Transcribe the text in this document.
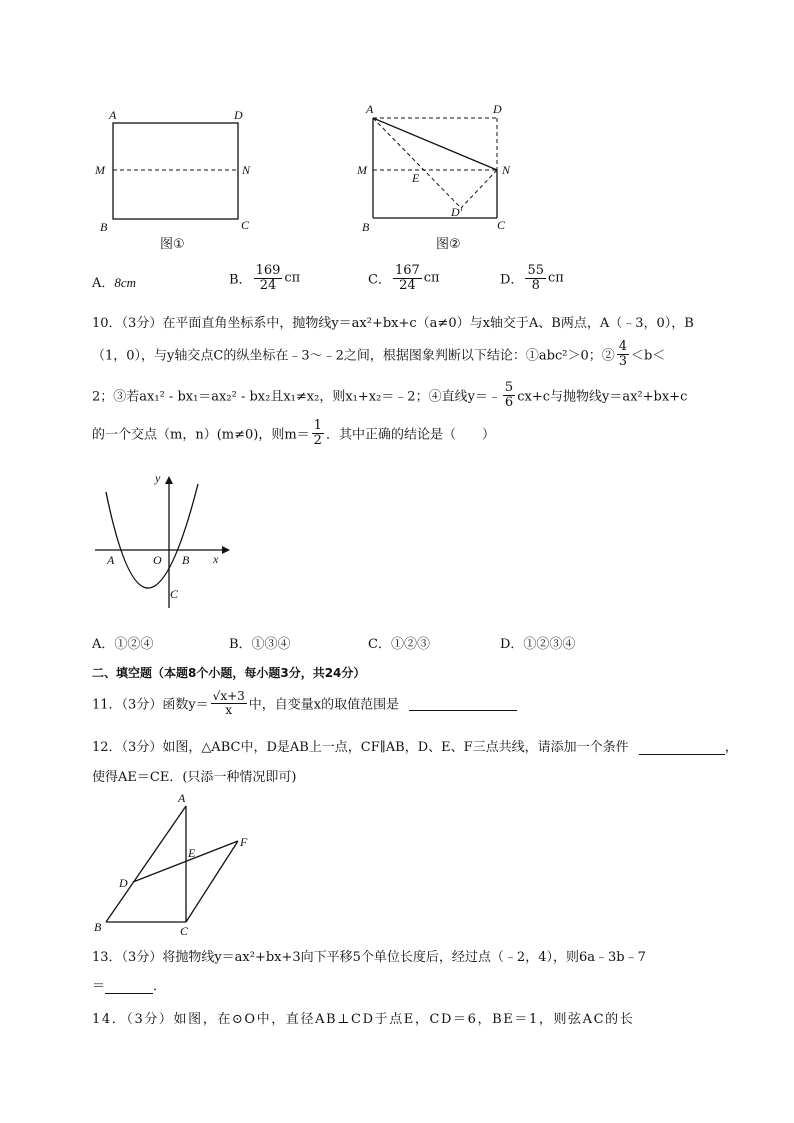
A	D
M	N
B	C
图①
A	D
M	N
E
D′
B	C
图②
A．8cm	B． $\frac{169}{24}$ cπ	C． $\frac{167}{24}$ cπ	D． $\frac{55}{8}$ cπ
10．（3分）在平面直角坐标系中，抛物线y＝ax²+bx+c（a≠0）与x轴交于A、B两点，A（﹣3，0），B
（1，0），与y轴交点C的纵坐标在﹣3～﹣2之间，根据图象判断以下结论：①abc²＞0；② $\frac{4}{3} <b<$
2；③若ax₁² - bx₁＝ax₂² - bx₂且x₁≠x₂，则x₁+x₂＝﹣2；④直线y＝﹣ $\frac{5}{6} cx+c$与抛物线y＝ax²+bx+c
的一个交点（m，n）(m≠0)，则$m= \frac{1}{2}$ ．其中正确的结论是（　　）
y
x
A	O B
C
A．①②④	B．①③④	C．①②③	D．①②③④
二、填空题（本题8个小题，每小题3分，共24分）
11．（3分）函数$y= \frac{√x+3}{x}$ 中，自变量x的取值范围是
12．（3分）如图，△ABC中，D是AB上一点，CF∥AB，D、E、F三点共线，请添加一个条件	，
使得AE＝CE．(只添一种情况即可)
A
E
F
D
B	C
13．（3分）将抛物线y＝ax²+bx+3向下平移5个单位长度后，经过点（﹣2，4），则6a﹣3b﹣7
＝	．
14．（3分）如图，在⊙O中，直径AB⊥CD于点E，CD＝6，BE＝1，则弦AC的长
